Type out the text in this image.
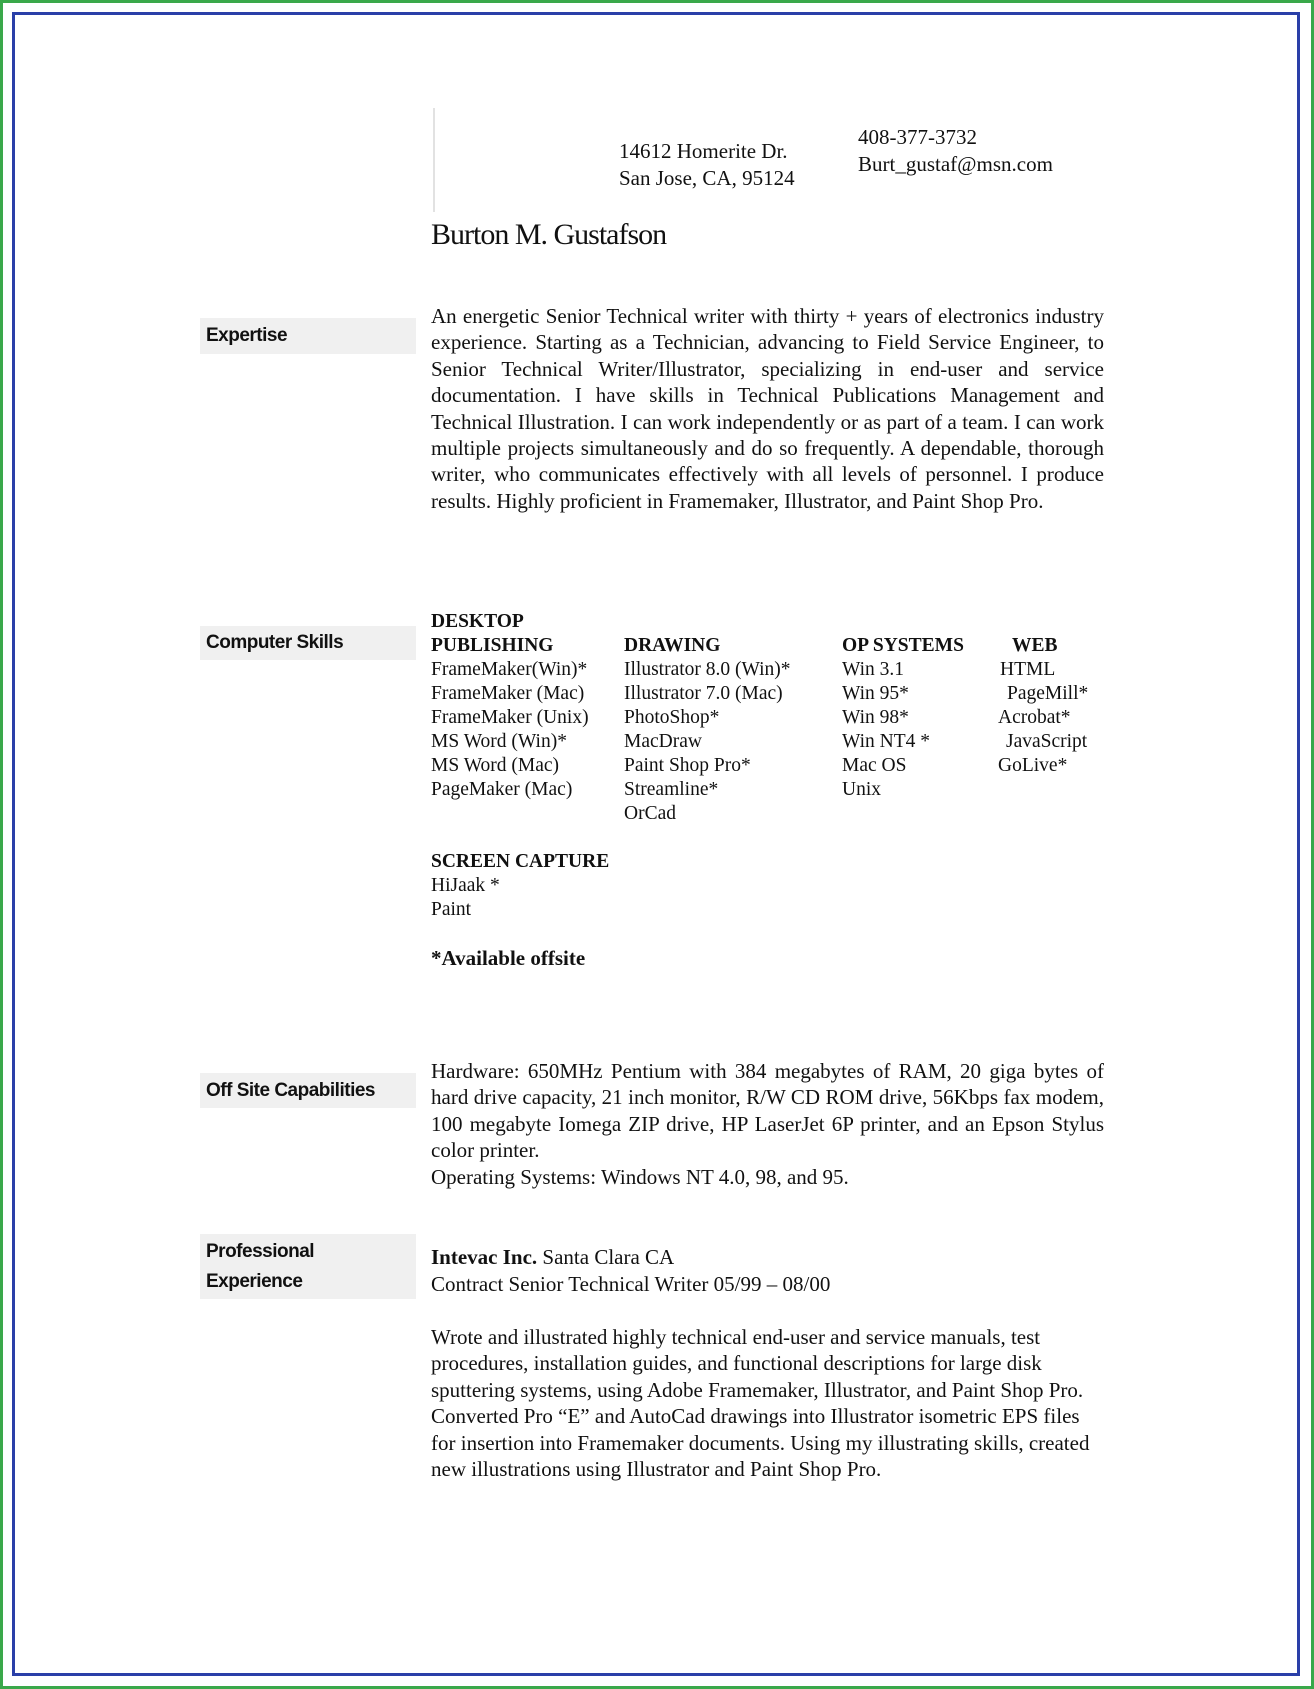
14612 Homerite Dr.
San Jose, CA, 95124
408-377-3732
Burt_gustaf@msn.com
Burton M. Gustafson
Expertise
An energetic Senior Technical writer with thirty + years of electronics industry experience. Starting as a Technician, advancing to Field Service Engineer, to Senior Technical Writer/Illustrator, specializing in end-user and service documentation. I have skills in Technical Publications Management and Technical Illustration. I can work independently or as part of a team. I can work multiple projects simultaneously and do so frequently. A dependable, thorough writer, who communicates effectively with all levels of personnel. I produce results. Highly proficient in Framemaker, Illustrator, and Paint Shop Pro.
Computer Skills
DESKTOP
PUBLISHING
FrameMaker(Win)*
FrameMaker (Mac)
FrameMaker (Unix)
MS Word (Win)*
MS Word (Mac)
PageMaker (Mac)
DRAWING
Illustrator 8.0 (Win)*
Illustrator 7.0 (Mac)
PhotoShop*
MacDraw
Paint Shop Pro*
Streamline*
OrCad
OP SYSTEMS
Win 3.1
Win 95*
Win 98*
Win NT4 *
Mac OS
Unix
WEB
HTML
PageMill*
Acrobat*
JavaScript
GoLive*
SCREEN CAPTURE
HiJaak *
Paint
*Available offsite
Off Site Capabilities
Hardware: 650MHz Pentium with 384 megabytes of RAM, 20 giga bytes of hard drive capacity, 21 inch monitor, R/W CD ROM drive, 56Kbps fax modem, 100 megabyte Iomega ZIP drive, HP LaserJet 6P printer, and an Epson Stylus color printer.
Operating Systems: Windows NT 4.0, 98, and 95.
Professional
Experience
Intevac Inc. Santa Clara CA
Contract Senior Technical Writer 05/99 – 08/00
Wrote and illustrated highly technical end-user and service manuals, test procedures, installation guides, and functional descriptions for large disk sputtering systems, using Adobe Framemaker, Illustrator, and Paint Shop Pro. Converted Pro “E” and AutoCad drawings into Illustrator isometric EPS files for insertion into Framemaker documents. Using my illustrating skills, created new illustrations using Illustrator and Paint Shop Pro.
